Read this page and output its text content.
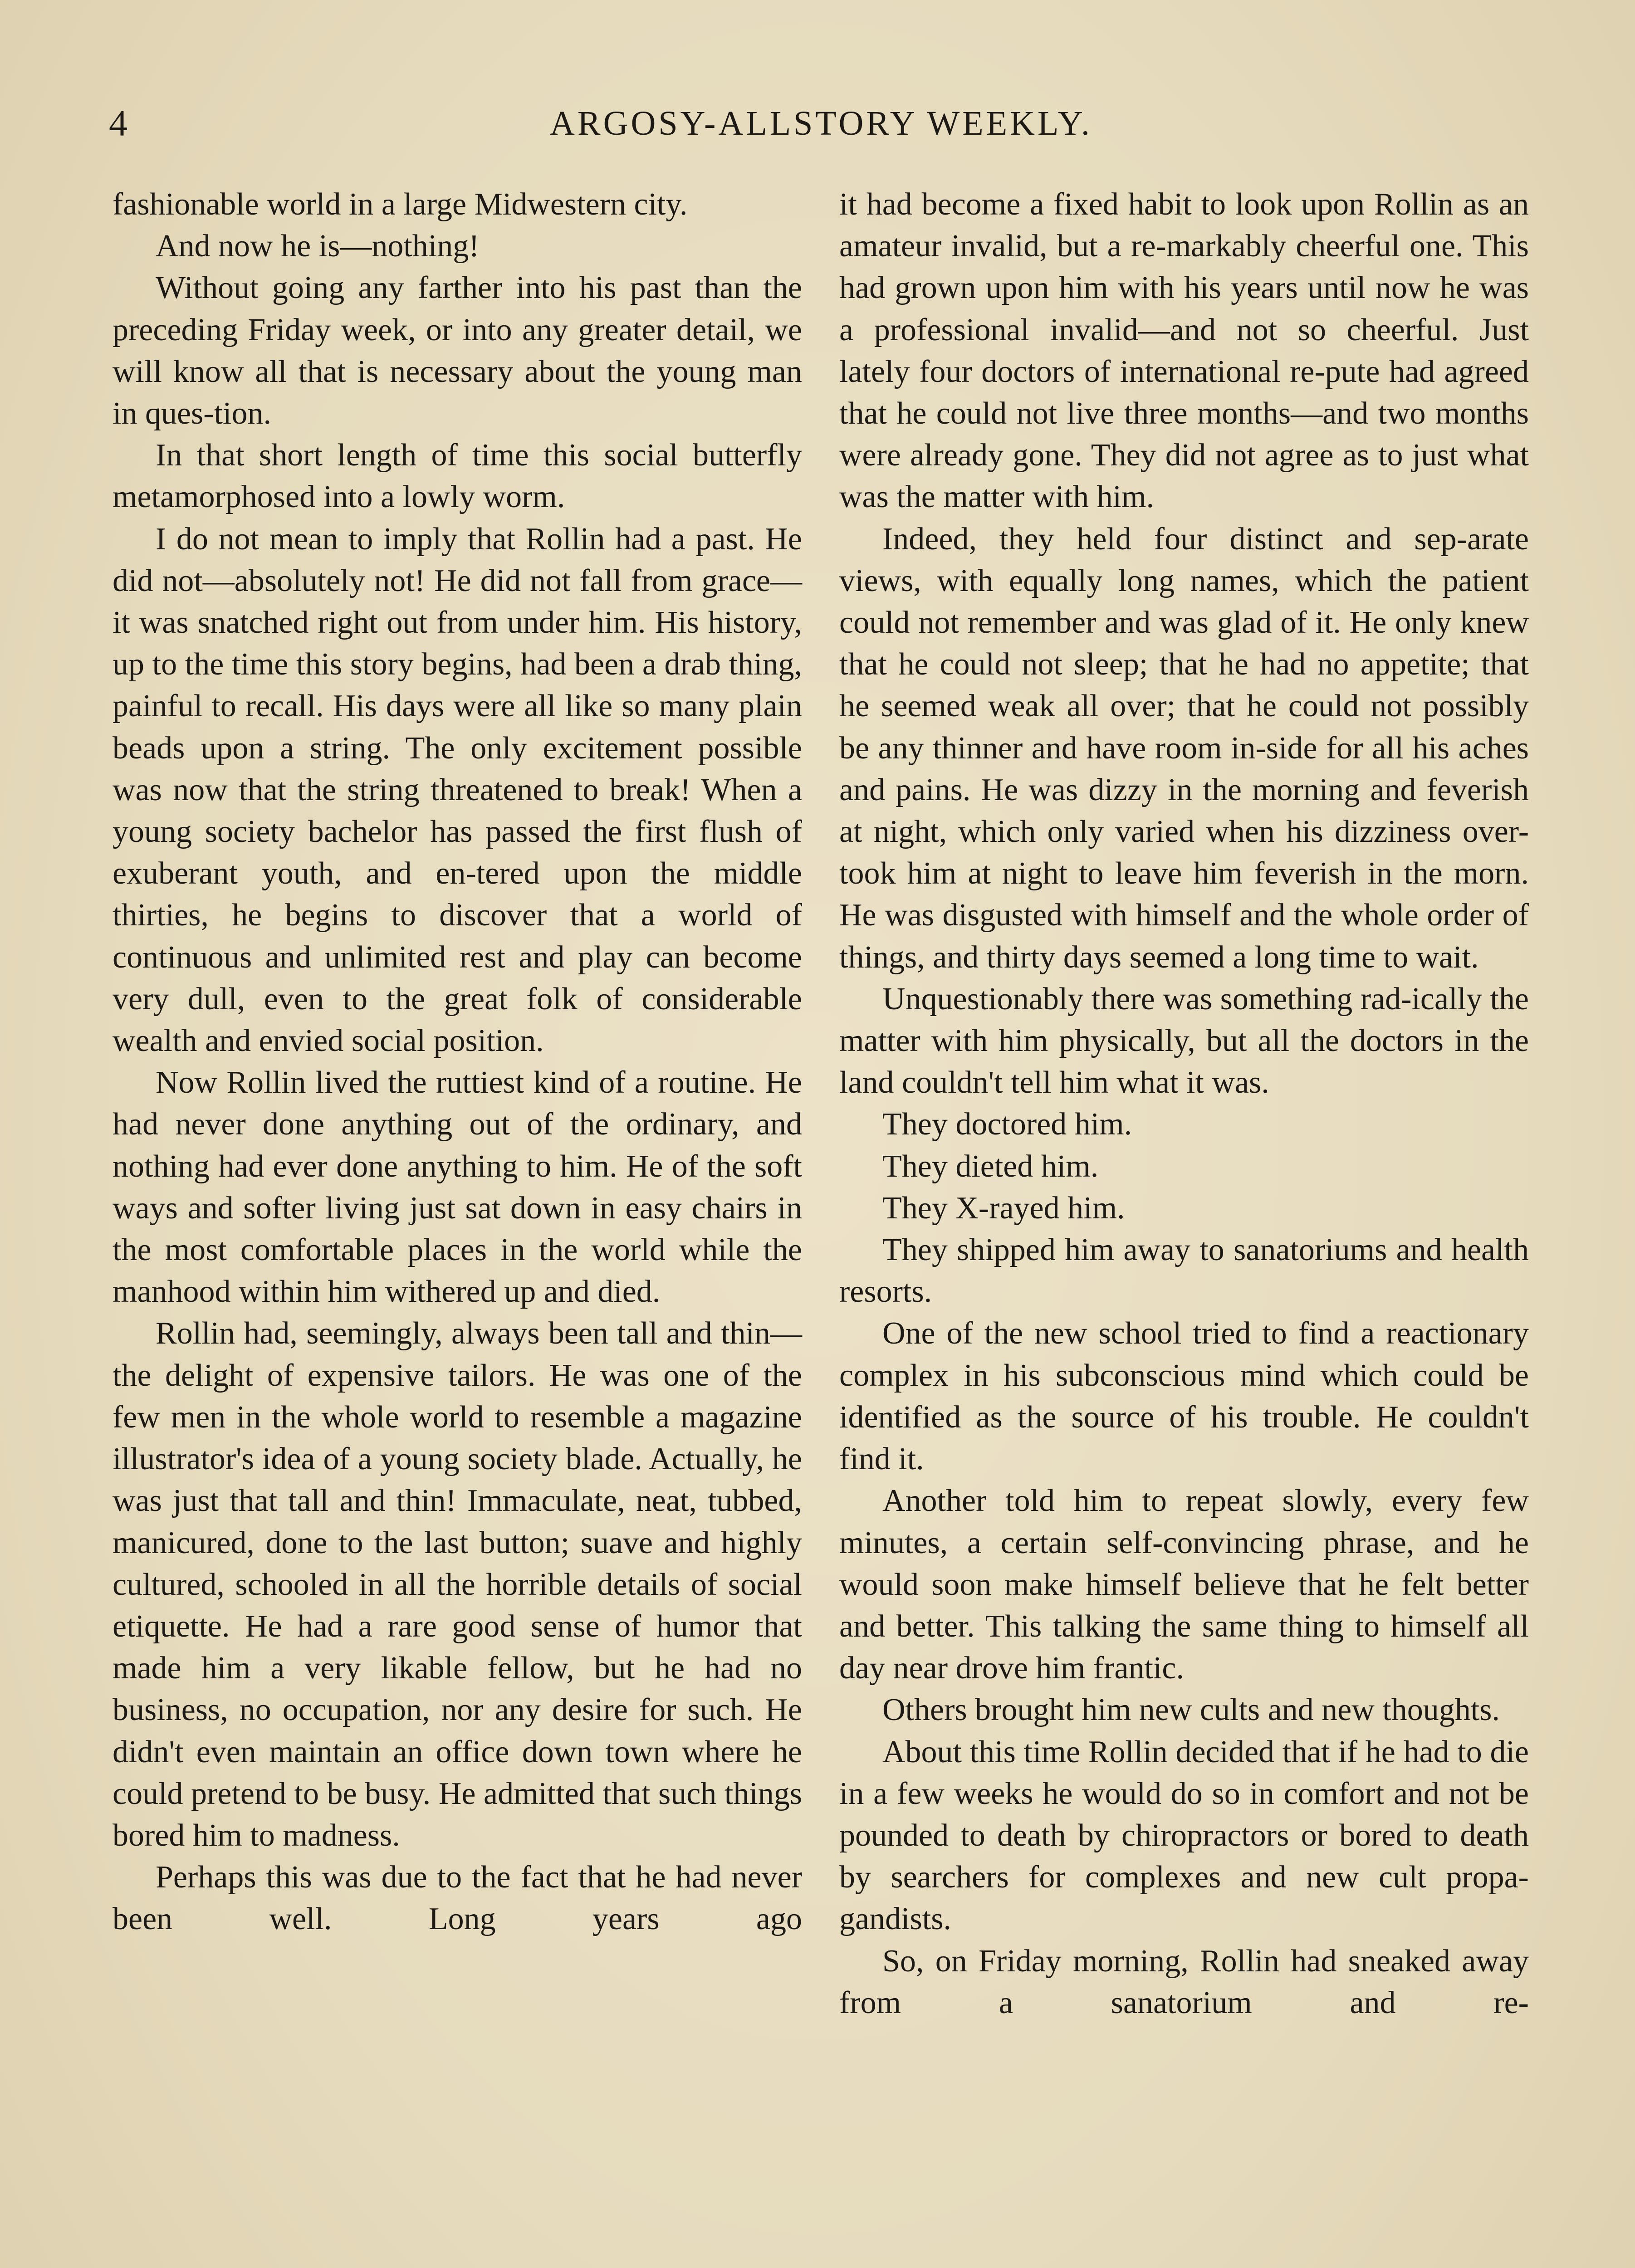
4	ARGOSY-ALLSTORY WEEKLY.

fashionable world in a large Midwestern city.

And now he is—nothing!

Without going any farther into his past than the preceding Friday week, or into any greater detail, we will know all that is necessary about the young man in ques-tion.

In that short length of time this social butterfly metamorphosed into a lowly worm.

I do not mean to imply that Rollin had a past. He did not—absolutely not! He did not fall from grace—it was snatched right out from under him. His history, up to the time this story begins, had been a drab thing, painful to recall. His days were all like so many plain beads upon a string. The only excitement possible was now that the string threatened to break! When a young society bachelor has passed the first flush of exuberant youth, and en-tered upon the middle thirties, he begins to discover that a world of continuous and unlimited rest and play can become very dull, even to the great folk of considerable wealth and envied social position.

Now Rollin lived the ruttiest kind of a routine. He had never done anything out of the ordinary, and nothing had ever done anything to him. He of the soft ways and softer living just sat down in easy chairs in the most comfortable places in the world while the manhood within him withered up and died.

Rollin had, seemingly, always been tall and thin—the delight of expensive tailors. He was one of the few men in the whole world to resemble a magazine illustrator's idea of a young society blade. Actually, he was just that tall and thin! Immaculate, neat, tubbed, manicured, done to the last button; suave and highly cultured, schooled in all the horrible details of social etiquette. He had a rare good sense of humor that made him a very likable fellow, but he had no business, no occupation, nor any desire for such. He didn't even maintain an office down town where he could pretend to be busy. He admitted that such things bored him to madness.

Perhaps this was due to the fact that he had never been well. Long years ago

it had become a fixed habit to look upon Rollin as an amateur invalid, but a re-markably cheerful one. This had grown upon him with his years until now he was a professional invalid—and not so cheerful. Just lately four doctors of international re-pute had agreed that he could not live three months—and two months were already gone. They did not agree as to just what was the matter with him.

Indeed, they held four distinct and sep-arate views, with equally long names, which the patient could not remember and was glad of it. He only knew that he could not sleep; that he had no appetite; that he seemed weak all over; that he could not possibly be any thinner and have room in-side for all his aches and pains. He was dizzy in the morning and feverish at night, which only varied when his dizziness over-took him at night to leave him feverish in the morn. He was disgusted with himself and the whole order of things, and thirty days seemed a long time to wait.

Unquestionably there was something rad-ically the matter with him physically, but all the doctors in the land couldn't tell him what it was.

They doctored him.

They dieted him.

They X-rayed him.

They shipped him away to sanatoriums and health resorts.

One of the new school tried to find a reactionary complex in his subconscious mind which could be identified as the source of his trouble. He couldn't find it.

Another told him to repeat slowly, every few minutes, a certain self-convincing phrase, and he would soon make himself believe that he felt better and better. This talking the same thing to himself all day near drove him frantic.

Others brought him new cults and new thoughts.

About this time Rollin decided that if he had to die in a few weeks he would do so in comfort and not be pounded to death by chiropractors or bored to death by searchers for complexes and new cult propa-gandists.

So, on Friday morning, Rollin had sneaked away from a sanatorium and re-
